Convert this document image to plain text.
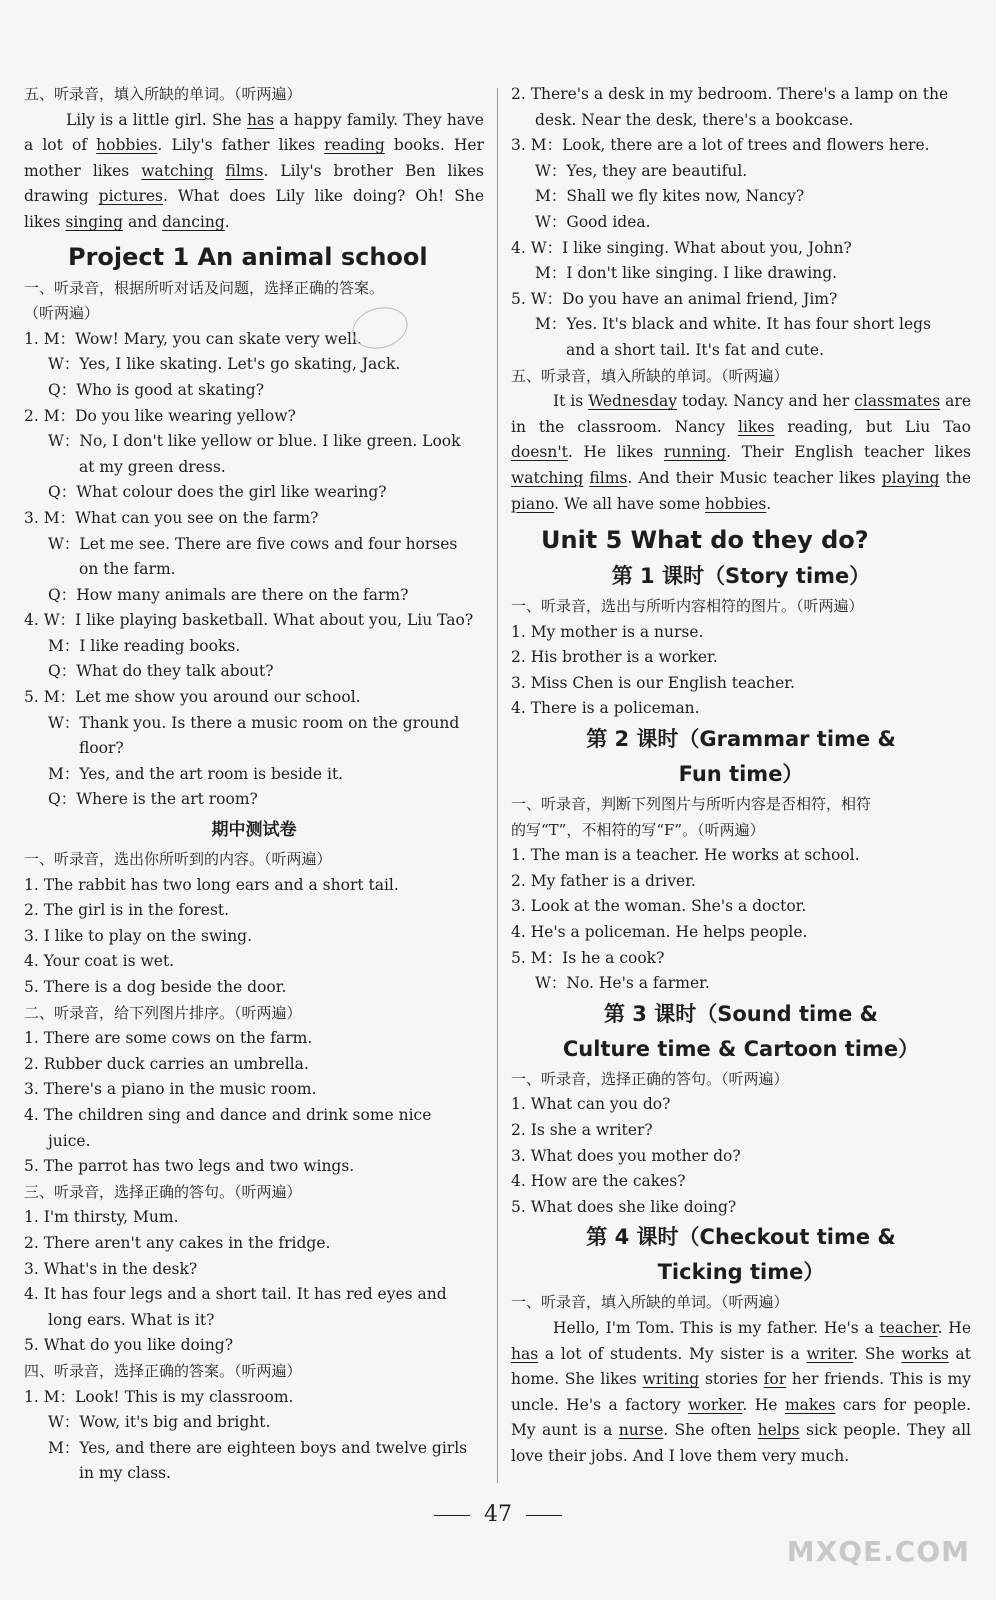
五、听录音，填入所缺的单词。（听两遍）

Lily is a little girl. She has a happy family. They have a lot of hobbies. Lily's father likes reading books. Her mother likes watching films. Lily's brother Ben likes drawing pictures. What does Lily like doing? Oh! She likes singing and dancing.

Project 1 An animal school

一、听录音，根据所听对话及问题，选择正确的答案。

（听两遍）

1. M：Wow! Mary, you can skate very well.

W：Yes, I like skating. Let's go skating, Jack.

Q：Who is good at skating?

2. M：Do you like wearing yellow?

W：No, I don't like yellow or blue. I like green. Look

at my green dress.

Q：What colour does the girl like wearing?

3. M：What can you see on the farm?

W：Let me see. There are five cows and four horses

on the farm.

Q：How many animals are there on the farm?

4. W：I like playing basketball. What about you, Liu Tao?

M：I like reading books.

Q：What do they talk about?

5. M：Let me show you around our school.

W：Thank you. Is there a music room on the ground

floor?

M：Yes, and the art room is beside it.

Q：Where is the art room?

期中测试卷

一、听录音，选出你所听到的内容。（听两遍）

1. The rabbit has two long ears and a short tail.

2. The girl is in the forest.

3. I like to play on the swing.

4. Your coat is wet.

5. There is a dog beside the door.

二、听录音，给下列图片排序。（听两遍）

1. There are some cows on the farm.

2. Rubber duck carries an umbrella.

3. There's a piano in the music room.

4. The children sing and dance and drink some nice

juice.

5. The parrot has two legs and two wings.

三、听录音，选择正确的答句。（听两遍）

1. I'm thirsty, Mum.

2. There aren't any cakes in the fridge.

3. What's in the desk?

4. It has four legs and a short tail. It has red eyes and

long ears. What is it?

5. What do you like doing?

四、听录音，选择正确的答案。（听两遍）

1. M：Look! This is my classroom.

W：Wow, it's big and bright.

M：Yes, and there are eighteen boys and twelve girls

in my class.

2. There's a desk in my bedroom. There's a lamp on the

desk. Near the desk, there's a bookcase.

3. M：Look, there are a lot of trees and flowers here.

W：Yes, they are beautiful.

M：Shall we fly kites now, Nancy?

W：Good idea.

4. W：I like singing. What about you, John?

M：I don't like singing. I like drawing.

5. W：Do you have an animal friend, Jim?

M：Yes. It's black and white. It has four short legs

and a short tail. It's fat and cute.

五、听录音，填入所缺的单词。（听两遍）

It is Wednesday today. Nancy and her classmates are in the classroom. Nancy likes reading, but Liu Tao doesn't. He likes running. Their English teacher likes watching films. And their Music teacher likes playing the piano. We all have some hobbies.

Unit 5 What do they do?
第 1 课时（Story time）

一、听录音，选出与所听内容相符的图片。（听两遍）

1. My mother is a nurse.

2. His brother is a worker.

3. Miss Chen is our English teacher.

4. There is a policeman.

第 2 课时（Grammar time &
Fun time）

一、听录音，判断下列图片与所听内容是否相符，相符

的写“T”，不相符的写“F”。（听两遍）

1. The man is a teacher. He works at school.

2. My father is a driver.

3. Look at the woman. She's a doctor.

4. He's a policeman. He helps people.

5. M：Is he a cook?

W：No. He's a farmer.

第 3 课时（Sound time &
Culture time & Cartoon time）

一、听录音，选择正确的答句。（听两遍）

1. What can you do?

2. Is she a writer?

3. What does you mother do?

4. How are the cakes?

5. What does she like doing?

第 4 课时（Checkout time &
Ticking time）

一、听录音，填入所缺的单词。（听两遍）

Hello, I'm Tom. This is my father. He's a teacher. He has a lot of students. My sister is a writer. She works at home. She likes writing stories for her friends. This is my uncle. He's a factory worker. He makes cars for people. My aunt is a nurse. She often helps sick people. They all love their jobs. And I love them very much.

47
MXQE.COM
